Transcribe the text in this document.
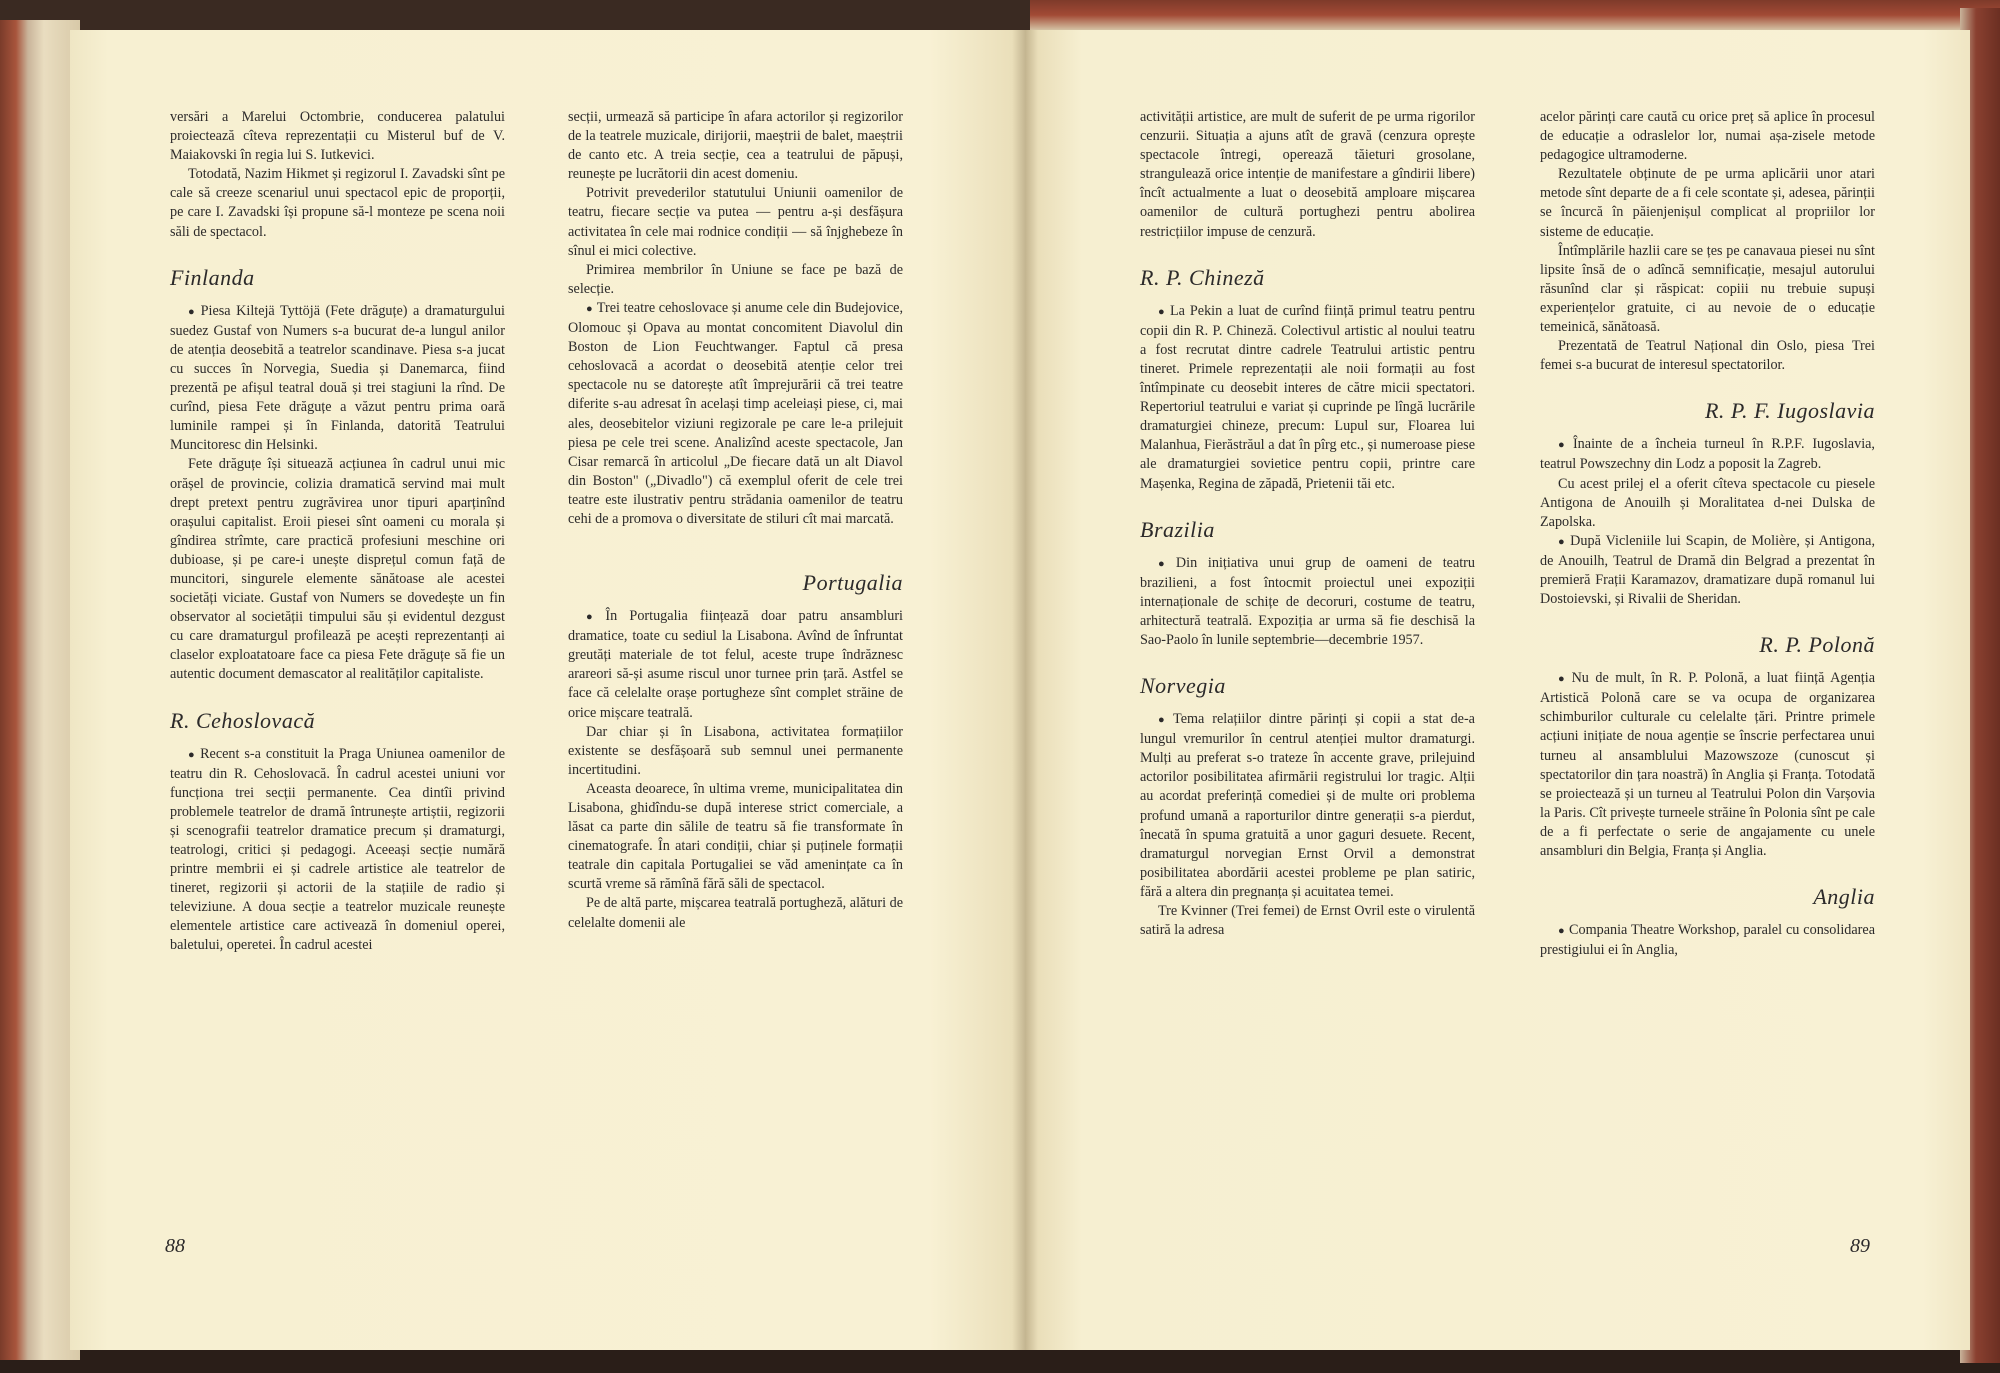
versări a Marelui Octombrie, conducerea palatului proiectează cîteva reprezentații cu Misterul buf de V. Maiakovski în regia lui S. Iutkevici.

Totodată, Nazim Hikmet și regizorul I. Zavadski sînt pe cale să creeze scenariul unui spectacol epic de proporții, pe care I. Zavadski își propune să-l monteze pe scena noii săli de spectacol.

Finlanda

● Piesa Kiltejä Tyttöjä (Fete drăguțe) a dramaturgului suedez Gustaf von Numers s-a bucurat de-a lungul anilor de atenția deosebită a teatrelor scandinave. Piesa s-a jucat cu succes în Norvegia, Suedia și Danemarca, fiind prezentă pe afișul teatral două și trei stagiuni la rînd. De curînd, piesa Fete drăguțe a văzut pentru prima oară luminile rampei și în Finlanda, datorită Teatrului Muncitoresc din Helsinki.

Fete drăguțe își situează acțiunea în cadrul unui mic orășel de provincie, coliziа dramatică servind mai mult drept pretext pentru zugrăvirea unor tipuri aparținînd orașului capitalist. Eroii piesei sînt oameni cu morala și gîndirea strîmte, care practică profesiuni meschine ori dubioase, și pe care-i unește disprețul comun față de muncitori, singurele elemente sănătoase ale acestei societăți viciate. Gustaf von Numers se dovedește un fin observator al societății timpului său și evidentul dezgust cu care dramaturgul profilează pe acești reprezentanți ai claselor exploatatoare face ca piesa Fete drăguțe să fie un autentic document demascator al realităților capitaliste.

R. Cehoslovacă

● Recent s-a constituit la Praga Uniunea oamenilor de teatru din R. Cehoslovacă. În cadrul acestei uniuni vor funcționa trei secții permanente. Cea dintîi privind problemele teatrelor de dramă întrunește artiștii, regizorii și scenografii teatrelor dramatice precum și dramaturgi, teatrologi, critici și pedagogi. Aceeași secție numără printre membrii ei și cadrele artistice ale teatrelor de tineret, regizorii și actorii de la stațiile de radio și televiziune. A doua secție a teatrelor muzicale reunește elementele artistice care activează în domeniul operei, baletului, operetei. În cadrul acestei

secții, urmează să participe în afara actorilor și regizorilor de la teatrele muzicale, dirijorii, maeștrii de balet, maeștrii de canto etc. A treia secție, cea a teatrului de păpuși, reunește pe lucrătorii din acest domeniu.

Potrivit prevederilor statutului Uniunii oamenilor de teatru, fiecare secție va putea — pentru a-și desfășura activitatea în cele mai rodnice condiții — să înjghebeze în sînul ei mici colective.

Primirea membrilor în Uniune se face pe bază de selecție.

● Trei teatre cehoslovace și anume cele din Budejovice, Olomouc și Opava au montat concomitent Diavolul din Boston de Lion Feuchtwanger. Faptul că presa cehoslovacă a acordat o deosebită atenție celor trei spectacole nu se datorește atît împrejurării că trei teatre diferite s-au adresat în același timp aceleiași piese, ci, mai ales, deosebitelor viziuni regizorale pe care le-a prilejuit piesa pe cele trei scene. Analizînd aceste spectacole, Jan Cisar remarcă în articolul „De fiecare dată un alt Diavol din Boston" („Divadlo") că exemplul oferit de cele trei teatre este ilustrativ pentru strădania oamenilor de teatru cehi de a promova o diversitate de stiluri cît mai marcată.

Portugalia

● În Portugalia ființează doar patru ansambluri dramatice, toate cu sediul la Lisabona. Avînd de înfruntat greutăți materiale de tot felul, aceste trupe îndrăznesc arareori să-și asume riscul unor turnee prin țară. Astfel se face că celelalte orașe portugheze sînt complet străine de orice mișcare teatrală.

Dar chiar și în Lisabona, activitatea formațiilor existente se desfășoară sub semnul unei permanente incertitudini.

Aceasta deoarece, în ultima vreme, municipalitatea din Lisabona, ghidîndu-se după interese strict comerciale, a lăsat ca parte din sălile de teatru să fie transformate în cinematografe. În atari condiții, chiar și puținele formații teatrale din capitala Portugaliei se văd amenințate ca în scurtă vreme să rămînă fără săli de spectacol.

Pe de altă parte, mișcarea teatrală portugheză, alături de celelalte domenii ale

activității artistice, are mult de suferit de pe urma rigorilor cenzurii. Situația a ajuns atît de gravă (cenzura oprește spectacole întregi, operează tăieturi grosolane, strangulează orice intenție de manifestare a gîndirii libere) încît actualmente a luat o deosebită amploare mișcarea oamenilor de cultură portughezi pentru abolirea restricțiilor impuse de cenzură.

R. P. Chineză

● La Pekin a luat de curînd ființă primul teatru pentru copii din R. P. Chineză. Colectivul artistic al noului teatru a fost recrutat dintre cadrele Teatrului artistic pentru tineret. Primele reprezentații ale noii formații au fost întîmpinate cu deosebit interes de către micii spectatori. Repertoriul teatrului e variat și cuprinde pe lîngă lucrările dramaturgiei chineze, precum: Lupul sur, Floarea lui Malanhua, Fierăstrăul a dat în pîrg etc., și numeroase piese ale dramaturgiei sovietice pentru copii, printre care Mașenka, Regina de zăpadă, Prietenii tăi etc.

Brazilia

● Din inițiativa unui grup de oameni de teatru brazilieni, a fost întocmit proiectul unei expoziții internaționale de schițe de decoruri, costume de teatru, arhitectură teatrală. Expoziția ar urma să fie deschisă la Sao-Paolo în lunile septembrie—decembrie 1957.

Norvegia

● Tema relațiilor dintre părinți și copii a stat de-a lungul vremurilor în centrul atenției multor dramaturgi. Mulți au preferat s-o trateze în accente grave, prilejuind actorilor posibilitatea afirmării registrului lor tragic. Alții au acordat preferință comediei și de multe ori problema profund umană a raporturilor dintre generații s-a pierdut, înecată în spuma gratuită a unor gaguri desuete. Recent, dramaturgul norvegian Ernst Orvil a demonstrat posibilitatea abordării acestei probleme pe plan satiric, fără a altera din pregnanța și acuitatea temei.

Tre Kvinner (Trei femei) de Ernst Ovril este o virulentă satiră la adresa

acelor părinți care caută cu orice preț să aplice în procesul de educație a odraslelor lor, numai așa-zisele metode pedagogice ultramoderne.

Rezultatele obținute de pe urma aplicării unor atari metode sînt departe de a fi cele scontate și, adesea, părinții se încurcă în păienjenișul complicat al propriilor lor sisteme de educație.

Întîmplările hazlii care se țes pe canavaua piesei nu sînt lipsite însă de o adîncă semnificație, mesajul autorului răsunînd clar și răspicat: copiii nu trebuie supuși experiențelor gratuite, ci au nevoie de o educație temeinică, sănătoasă.

Prezentată de Teatrul Național din Oslo, piesa Trei femei s-a bucurat de interesul spectatorilor.

R. P. F. Iugoslavia

● Înainte de a încheia turneul în R.P.F. Iugoslavia, teatrul Powszechny din Lodz a poposit la Zagreb.

Cu acest prilej el a oferit cîteva spectacole cu piesele Antigona de Anouilh și Moralitatea d-nei Dulska de Zapolska.

● După Vicleniile lui Scapin, de Molière, și Antigona, de Anouilh, Teatrul de Dramă din Belgrad a prezentat în premieră Frații Karamazov, dramatizare după romanul lui Dostoievski, și Rivalii de Sheridan.

R. P. Polonă

● Nu de mult, în R. P. Polonă, a luat ființă Agenția Artistică Polonă care se va ocupa de organizarea schimburilor culturale cu celelalte țări. Printre primele acțiuni inițiate de noua agenție se înscrie perfectarea unui turneu al ansamblului Mazowszoze (cunoscut și spectatorilor din țara noastră) în Anglia și Franța. Totodată se proiectează și un turneu al Teatrului Polon din Varșovia la Paris. Cît privește turneele străine în Polonia sînt pe cale de a fi perfectate o serie de angajamente cu unele ansambluri din Belgia, Franța și Anglia.

Anglia

● Compania Theatre Workshop, paralel cu consolidarea prestigiului ei în Anglia,

88	89
